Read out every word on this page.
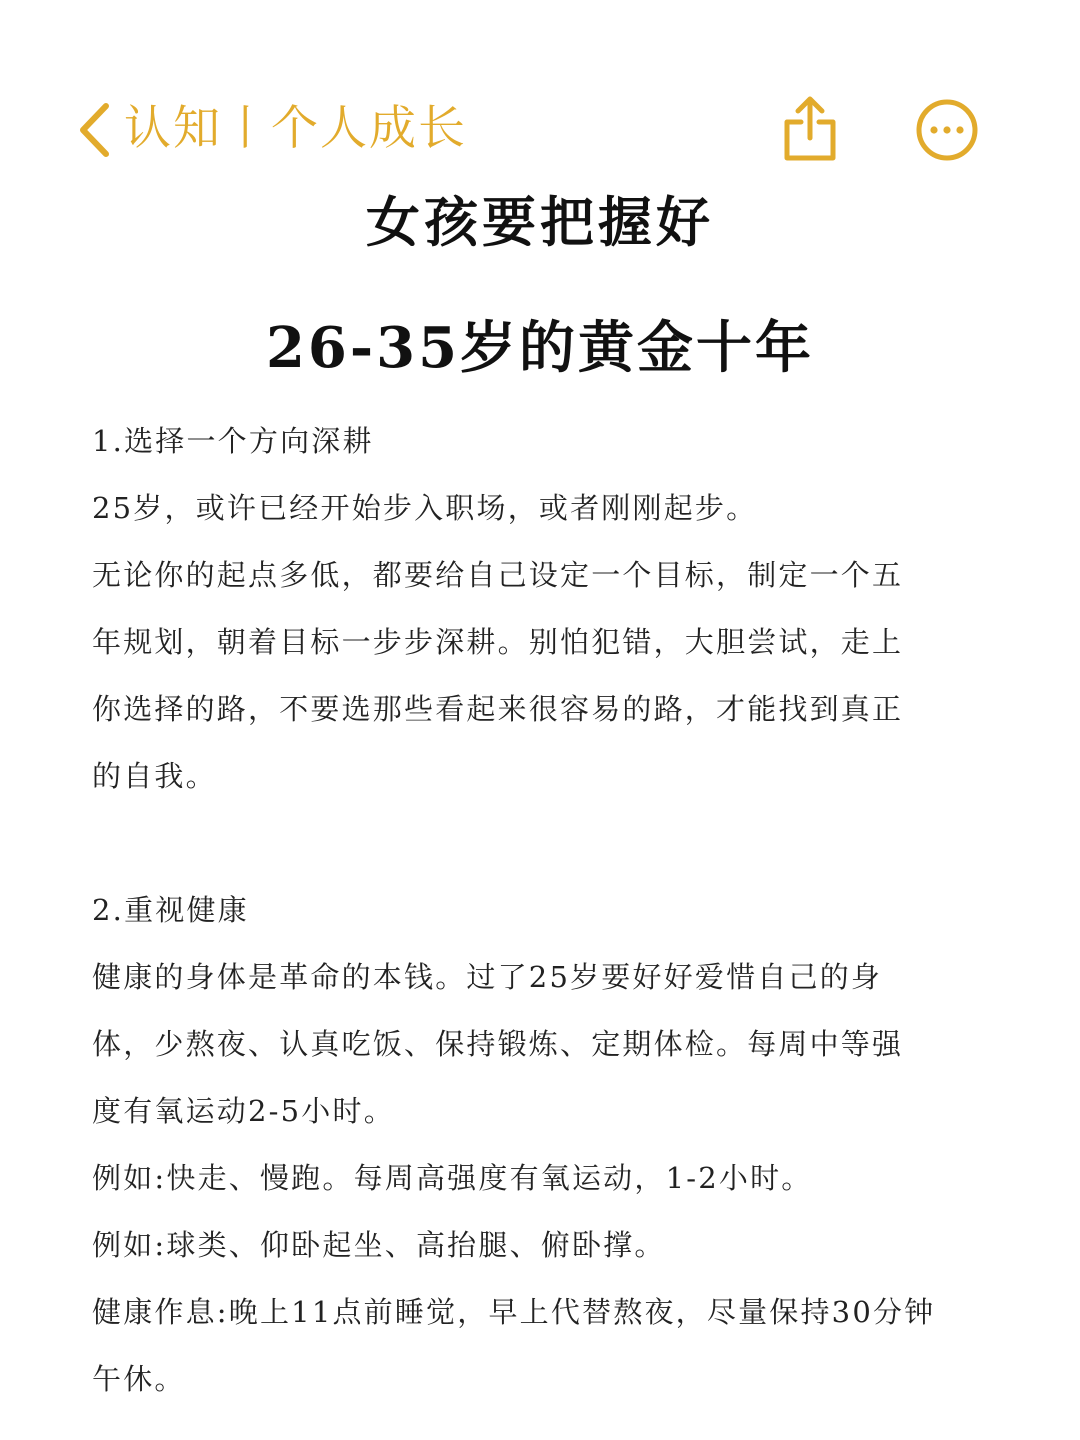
认知丨个人成长
女孩要把握好
26-35岁的黄金十年
1.选择一个方向深耕
25岁，或许已经开始步入职场，或者刚刚起步。
无论你的起点多低，都要给自己设定一个目标，制定一个五
年规划，朝着目标一步步深耕。别怕犯错，大胆尝试，走上
你选择的路，不要选那些看起来很容易的路，才能找到真正
的自我。
2.重视健康
健康的身体是革命的本钱。过了25岁要好好爱惜自己的身
体，少熬夜、认真吃饭、保持锻炼、定期体检。每周中等强
度有氧运动2-5小时。
例如:快走、慢跑。每周高强度有氧运动，1-2小时。
例如:球类、仰卧起坐、高抬腿、俯卧撑。
健康作息:晚上11点前睡觉，早上代替熬夜，尽量保持30分钟
午休。
